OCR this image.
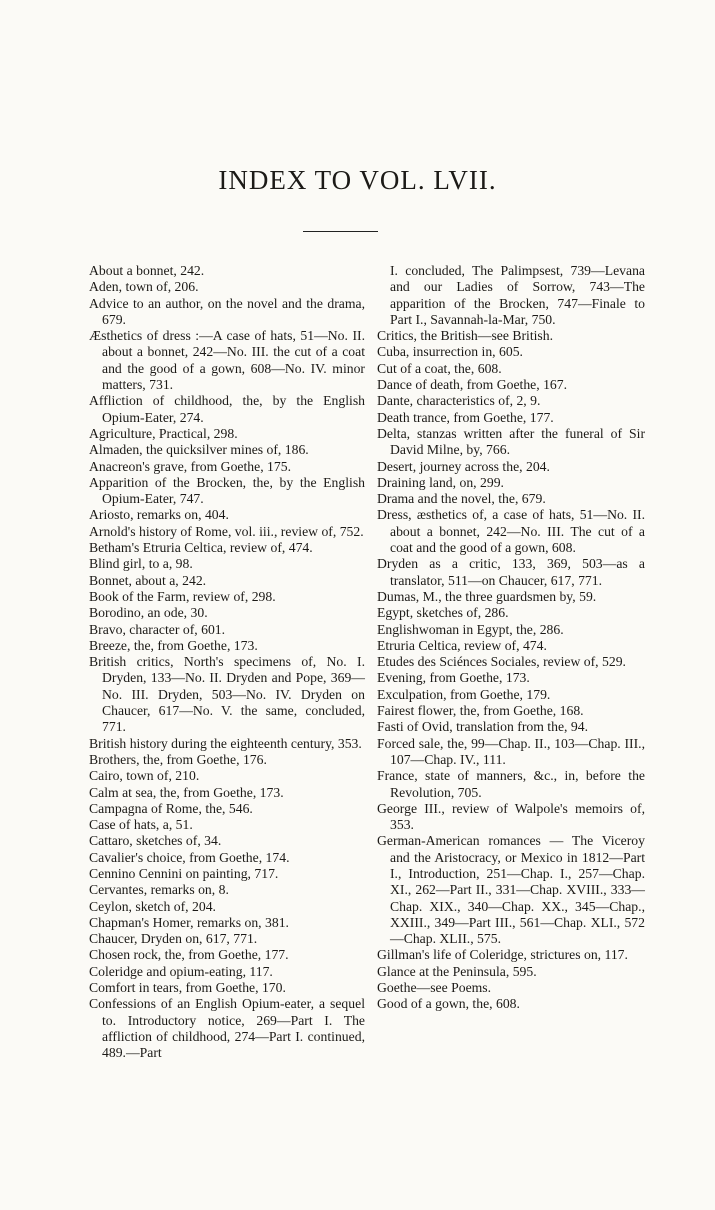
INDEX TO VOL. LVII.

About a bonnet, 242.

Aden, town of, 206.

Advice to an author, on the novel and the drama, 679.

Æsthetics of dress :—A case of hats, 51—No. II. about a bonnet, 242—No. III. the cut of a coat and the good of a gown, 608—No. IV. minor matters, 731.

Affliction of childhood, the, by the English Opium-Eater, 274.

Agriculture, Practical, 298.

Almaden, the quicksilver mines of, 186.

Anacreon's grave, from Goethe, 175.

Apparition of the Brocken, the, by the English Opium-Eater, 747.

Ariosto, remarks on, 404.

Arnold's history of Rome, vol. iii., review of, 752.

Betham's Etruria Celtica, review of, 474.

Blind girl, to a, 98.

Bonnet, about a, 242.

Book of the Farm, review of, 298.

Borodino, an ode, 30.

Bravo, character of, 601.

Breeze, the, from Goethe, 173.

British critics, North's specimens of, No. I. Dryden, 133—No. II. Dryden and Pope, 369—No. III. Dryden, 503—No. IV. Dryden on Chaucer, 617—No. V. the same, concluded, 771.

British history during the eighteenth century, 353.

Brothers, the, from Goethe, 176.

Cairo, town of, 210.

Calm at sea, the, from Goethe, 173.

Campagna of Rome, the, 546.

Case of hats, a, 51.

Cattaro, sketches of, 34.

Cavalier's choice, from Goethe, 174.

Cennino Cennini on painting, 717.

Cervantes, remarks on, 8.

Ceylon, sketch of, 204.

Chapman's Homer, remarks on, 381.

Chaucer, Dryden on, 617, 771.

Chosen rock, the, from Goethe, 177.

Coleridge and opium-eating, 117.

Comfort in tears, from Goethe, 170.

Confessions of an English Opium-eater, a sequel to. Introductory notice, 269—Part I. The affliction of childhood, 274—Part I. continued, 489.—Part

I. concluded, The Palimpsest, 739—Levana and our Ladies of Sorrow, 743—The apparition of the Brocken, 747—Finale to Part I., Savannah-la-Mar, 750.

Critics, the British—see British.

Cuba, insurrection in, 605.

Cut of a coat, the, 608.

Dance of death, from Goethe, 167.

Dante, characteristics of, 2, 9.

Death trance, from Goethe, 177.

Delta, stanzas written after the funeral of Sir David Milne, by, 766.

Desert, journey across the, 204.

Draining land, on, 299.

Drama and the novel, the, 679.

Dress, æsthetics of, a case of hats, 51—No. II. about a bonnet, 242—No. III. The cut of a coat and the good of a gown, 608.

Dryden as a critic, 133, 369, 503—as a translator, 511—on Chaucer, 617, 771.

Dumas, M., the three guardsmen by, 59.

Egypt, sketches of, 286.

Englishwoman in Egypt, the, 286.

Etruria Celtica, review of, 474.

Etudes des Sciénces Sociales, review of, 529.

Evening, from Goethe, 173.

Exculpation, from Goethe, 179.

Fairest flower, the, from Goethe, 168.

Fasti of Ovid, translation from the, 94.

Forced sale, the, 99—Chap. II., 103—Chap. III., 107—Chap. IV., 111.

France, state of manners, &c., in, before the Revolution, 705.

George III., review of Walpole's memoirs of, 353.

German-American romances — The Viceroy and the Aristocracy, or Mexico in 1812—Part I., Introduction, 251—Chap. I., 257—Chap. XI., 262—Part II., 331—Chap. XVIII., 333—Chap. XIX., 340—Chap. XX., 345—Chap., XXIII., 349—Part III., 561—Chap. XLI., 572—Chap. XLII., 575.

Gillman's life of Coleridge, strictures on, 117.

Glance at the Peninsula, 595.

Goethe—see Poems.

Good of a gown, the, 608.
